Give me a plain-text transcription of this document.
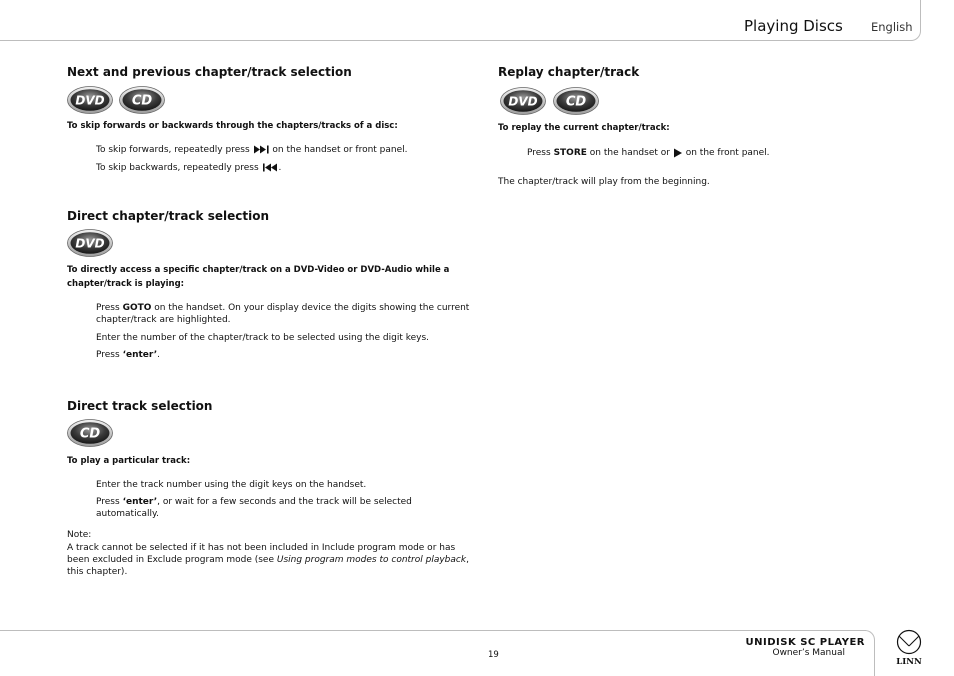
Playing Discs English
Next and previous chapter/track selection
DVD CD

To skip forwards or backwards through the chapters/tracks of a disc:

To skip forwards, repeatedly press	on the handset or front panel.

To skip backwards, repeatedly press .

Direct chapter/track selection
DVD

To directly access a specific chapter/track on a DVD-Video or DVD-Audio while a

chapter/track is playing:

Press GOTO on the handset. On your display device the digits showing the current

chapter/track are highlighted.

Enter the number of the chapter/track to be selected using the digit keys.

Press ‘enter’.

Direct track selection
CD

To play a particular track:

Enter the track number using the digit keys on the handset.

Press ‘enter’, or wait for a few seconds and the track will be selected

automatically.

Note:

A track cannot be selected if it has not been included in Include program mode or has

been excluded in Exclude program mode (see Using program modes to control playback,

this chapter).

Replay chapter/track
DVD CD

To replay the current chapter/track:

Press STORE on the handset or on the front panel.

The chapter/track will play from the beginning.

19
UNIDISK SC PLAYER
Owner’s Manual
LINN
